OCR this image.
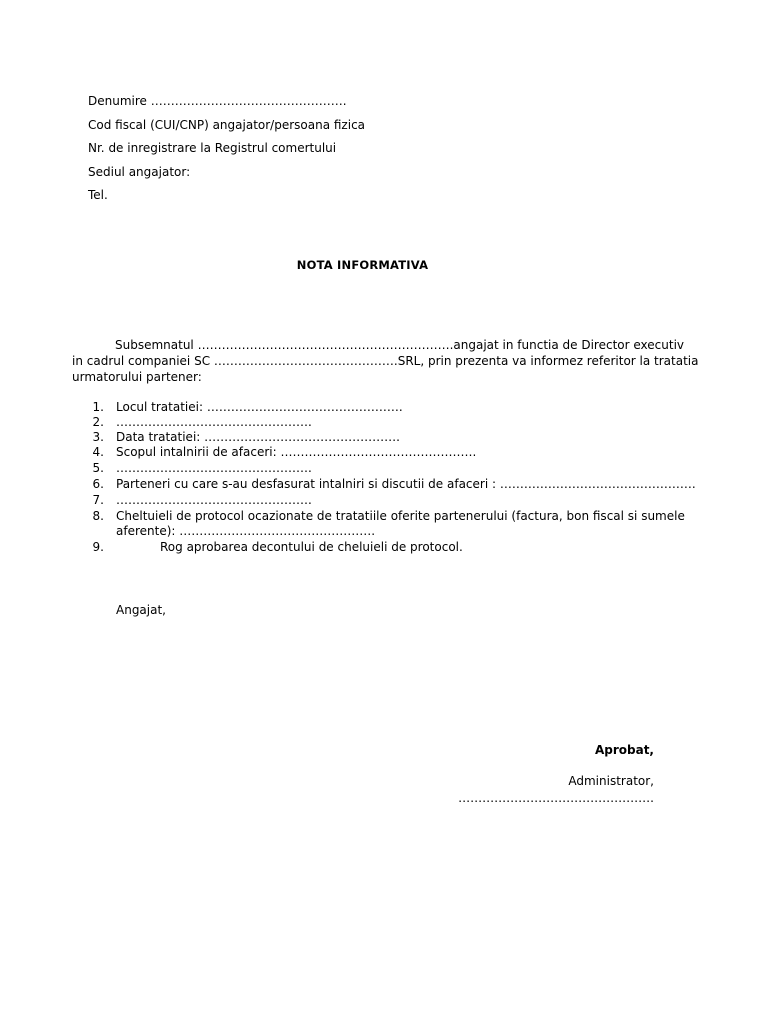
Denumire ………………………………………….
Cod fiscal (CUI/CNP) angajator/persoana fizica
Nr. de inregistrare la Registrul comertului
Sediul angajator:
Tel.
NOTA INFORMATIVA
Subsemnatul ………………………………………………………. angajat in functia de Director executiv
in cadrul companiei SC ………………………………………. SRL, prin prezenta va informez referitor la tratatia
urmatorului partener:
1. Locul tratatiei: ………………………………………….
2. ………………………………………….
3. Data tratatiei: ………………………………………….
4. Scopul intalnirii de afaceri: ………………………………………….
5. ………………………………………….
6. Parteneri cu care s-au desfasurat intalniri si discutii de afaceri : ………………………………………….
7. ………………………………………….
8. Cheltuieli de protocol ocazionate de tratatiile oferite partenerului (factura, bon fiscal si sumele
aferente): ………………………………………….
9.	Rog aprobarea decontului de cheluieli de protocol.
Angajat,
Aprobat,
Administrator,
………………………………………….
